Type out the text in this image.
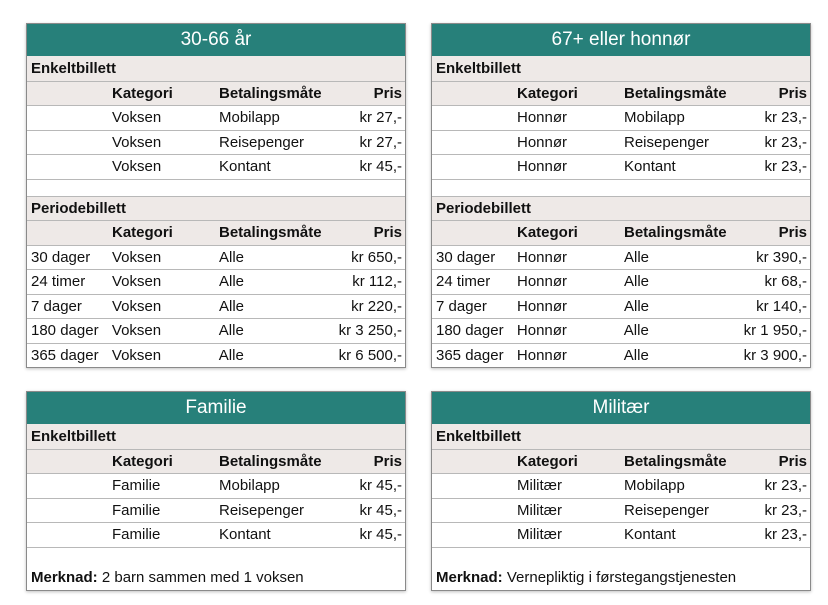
30-66 år
Enkeltbillett
Kategori	Betalingsmåte	Pris
Voksen	Mobilapp	kr 27,-
Voksen	Reisepenger	kr 27,-
Voksen	Kontant	kr 45,-
Periodebillett
Kategori	Betalingsmåte	Pris
30 dager	Voksen	Alle	kr 650,-
24 timer	Voksen	Alle	kr 112,-
7 dager	Voksen	Alle	kr 220,-
180 dager Voksen	Alle	kr 3 250,-
365 dager Voksen	Alle	kr 6 500,-
67+ eller honnør
Enkeltbillett
Kategori	Betalingsmåte	Pris
Honnør	Mobilapp	kr 23,-
Honnør	Reisepenger	kr 23,-
Honnør	Kontant	kr 23,-
Periodebillett
Kategori	Betalingsmåte	Pris
30 dager	Honnør	Alle	kr 390,-
24 timer	Honnør	Alle	kr 68,-
7 dager	Honnør	Alle	kr 140,-
180 dager Honnør	Alle	kr 1 950,-
365 dager Honnør	Alle	kr 3 900,-
Familie
Enkeltbillett
Kategori	Betalingsmåte	Pris
Familie	Mobilapp	kr 45,-
Familie	Reisepenger	kr 45,-
Familie	Kontant	kr 45,-
Merknad: 2 barn sammen med 1 voksen
Militær
Enkeltbillett
Kategori	Betalingsmåte	Pris
Militær	Mobilapp	kr 23,-
Militær	Reisepenger	kr 23,-
Militær	Kontant	kr 23,-
Merknad: Vernepliktig i førstegangstjenesten
